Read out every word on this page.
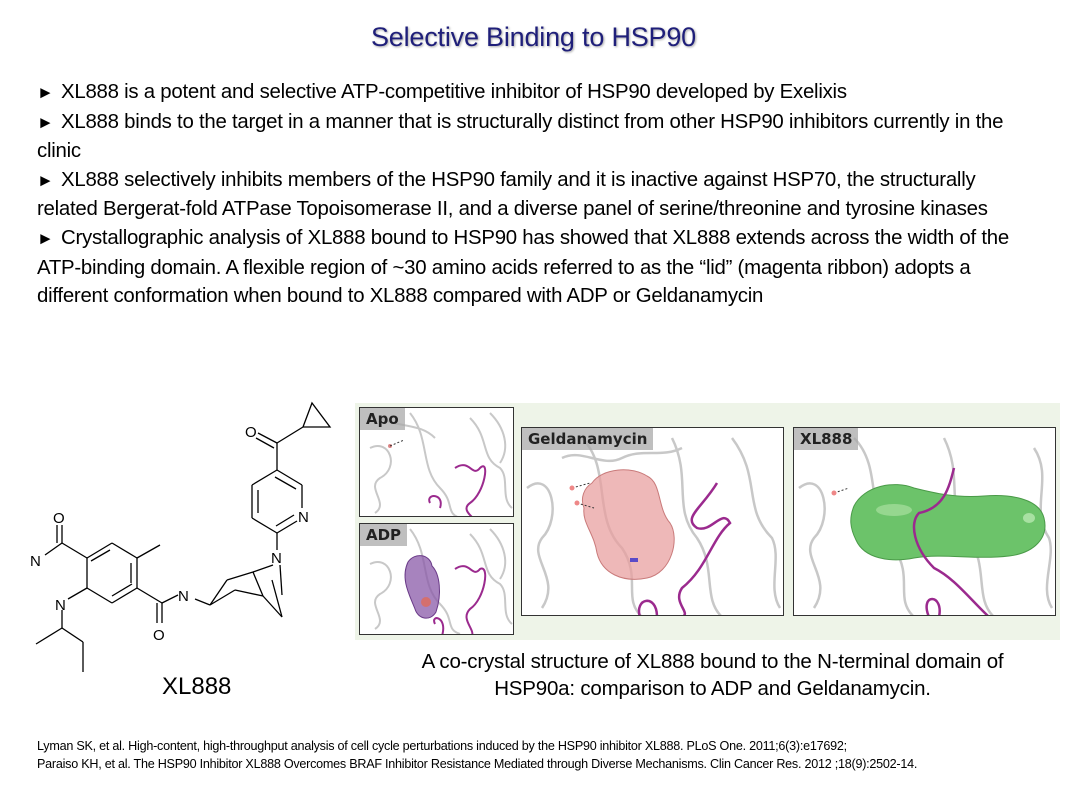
Selective Binding to HSP90

► XL888 is a potent and selective ATP-competitive inhibitor of HSP90 developed by Exelixis

► XL888 binds to the target in a manner that is structurally distinct from other HSP90 inhibitors currently in the clinic

► XL888 selectively inhibits members of the HSP90 family and it is inactive against HSP70, the structurally related Bergerat-fold ATPase Topoisomerase II, and a diverse panel of serine/threonine and tyrosine kinases

► Crystallographic analysis of XL888 bound to HSP90 has showed that XL888 extends across the width of the ATP-binding domain. A flexible region of ~30 amino acids referred to as the “lid” (magenta ribbon) adopts a different conformation when bound to XL888 compared with ADP or Geldanamycin

O
N
N
O
N
N
N
O
XL888
Apo
ADP
Geldanamycin	XL888
A co-crystal structure of XL888 bound to the N-terminal domain of HSP90a: comparison to ADP and Geldanamycin.

Lyman SK, et al. High-content, high-throughput analysis of cell cycle perturbations induced by the HSP90 inhibitor XL888. PLoS One. 2011;6(3):e17692;

Paraiso KH, et al. The HSP90 Inhibitor XL888 Overcomes BRAF Inhibitor Resistance Mediated through Diverse Mechanisms. Clin Cancer Res. 2012 ;18(9):2502-14.
